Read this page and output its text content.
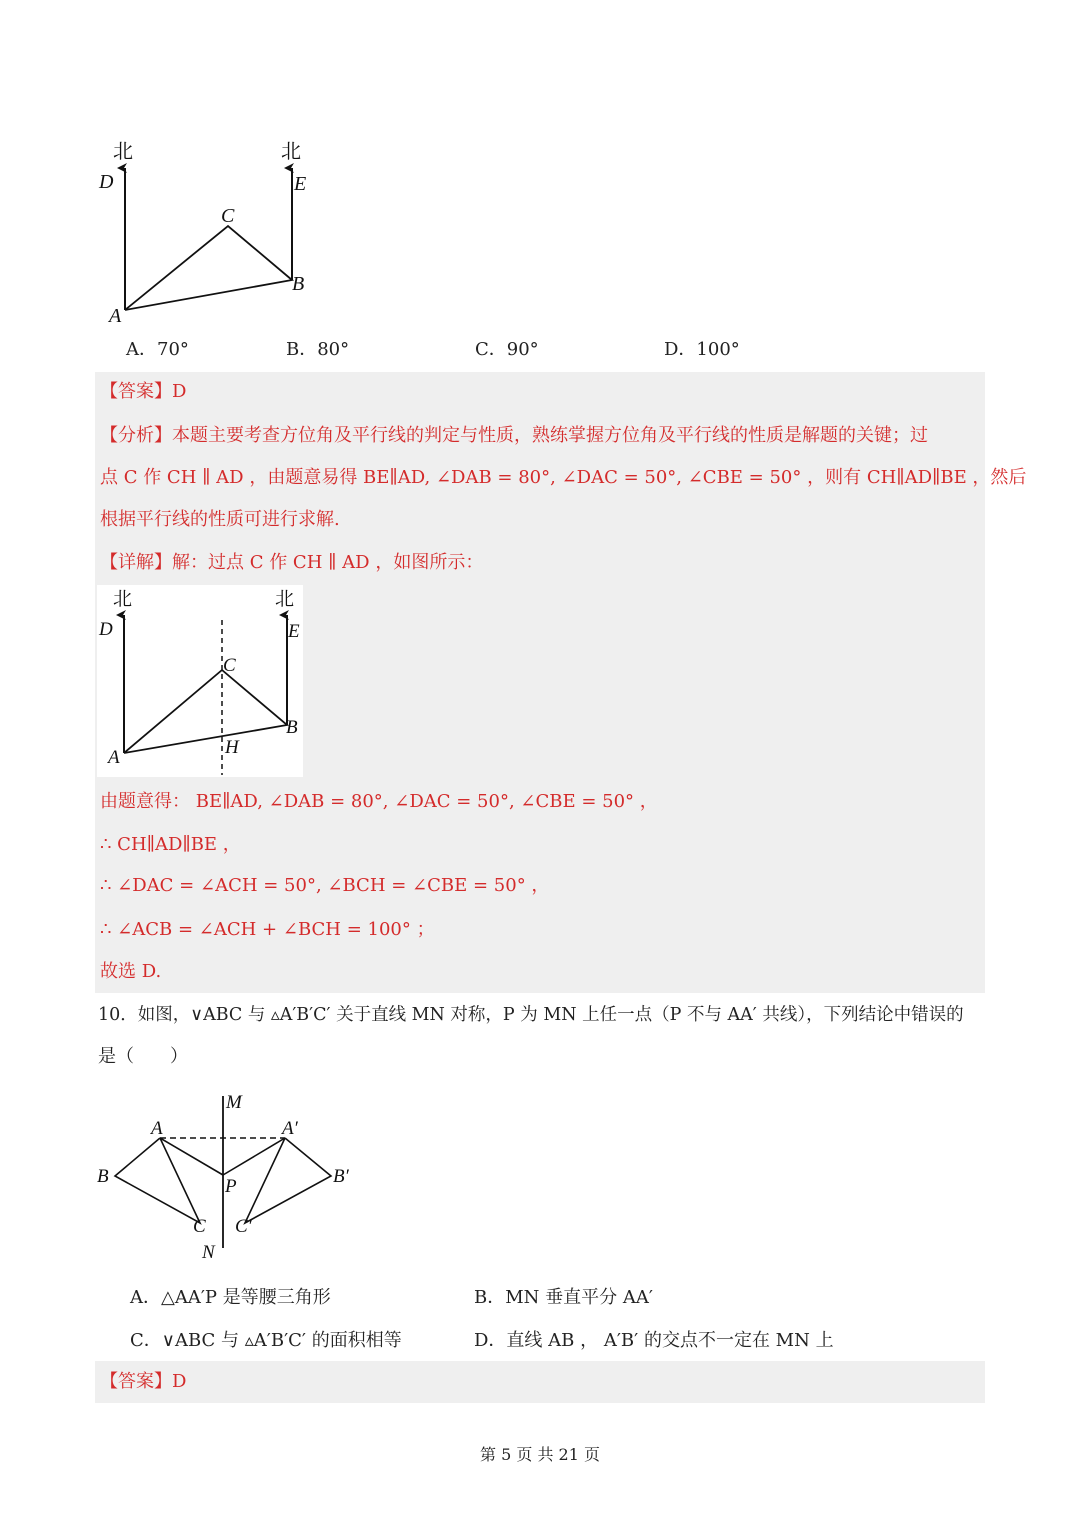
北	北
D	E
C
B
A
A．70°	B．80°	C．90°	D．100°
【答案】D
【分析】本题主要考查方位角及平行线的判定与性质，熟练掌握方位角及平行线的性质是解题的关键；过
点 C 作 CH ∥ AD ，由题意易得 BE∥AD, ∠DAB = 80°, ∠DAC = 50°, ∠CBE = 50° ，则有 CH∥AD∥BE ，然后
根据平行线的性质可进行求解.
【详解】解：过点 C 作 CH ∥ AD ，如图所示：
北	北
D	E
C
B
A	H
由题意得： BE∥AD, ∠DAB = 80°, ∠DAC = 50°, ∠CBE = 50° ，
∴ CH∥AD∥BE ，
∴ ∠DAC = ∠ACH = 50°, ∠BCH = ∠CBE = 50° ，
∴ ∠ACB = ∠ACH + ∠BCH = 100° ；
故选 D.
10．如图，∨ABC 与 ▵A′B′C′ 关于直线 MN 对称，P 为 MN 上任一点（P 不与 AA′ 共线），下列结论中错误的
是（　　）
M
A	A′
B	B′
P
C C′
N
A．△AA′P 是等腰三角形	B．MN 垂直平分 AA′
C．∨ABC 与 ▵A′B′C′ 的面积相等	D．直线 AB ， A′B′ 的交点不一定在 MN 上
【答案】D
第 5 页 共 21 页
